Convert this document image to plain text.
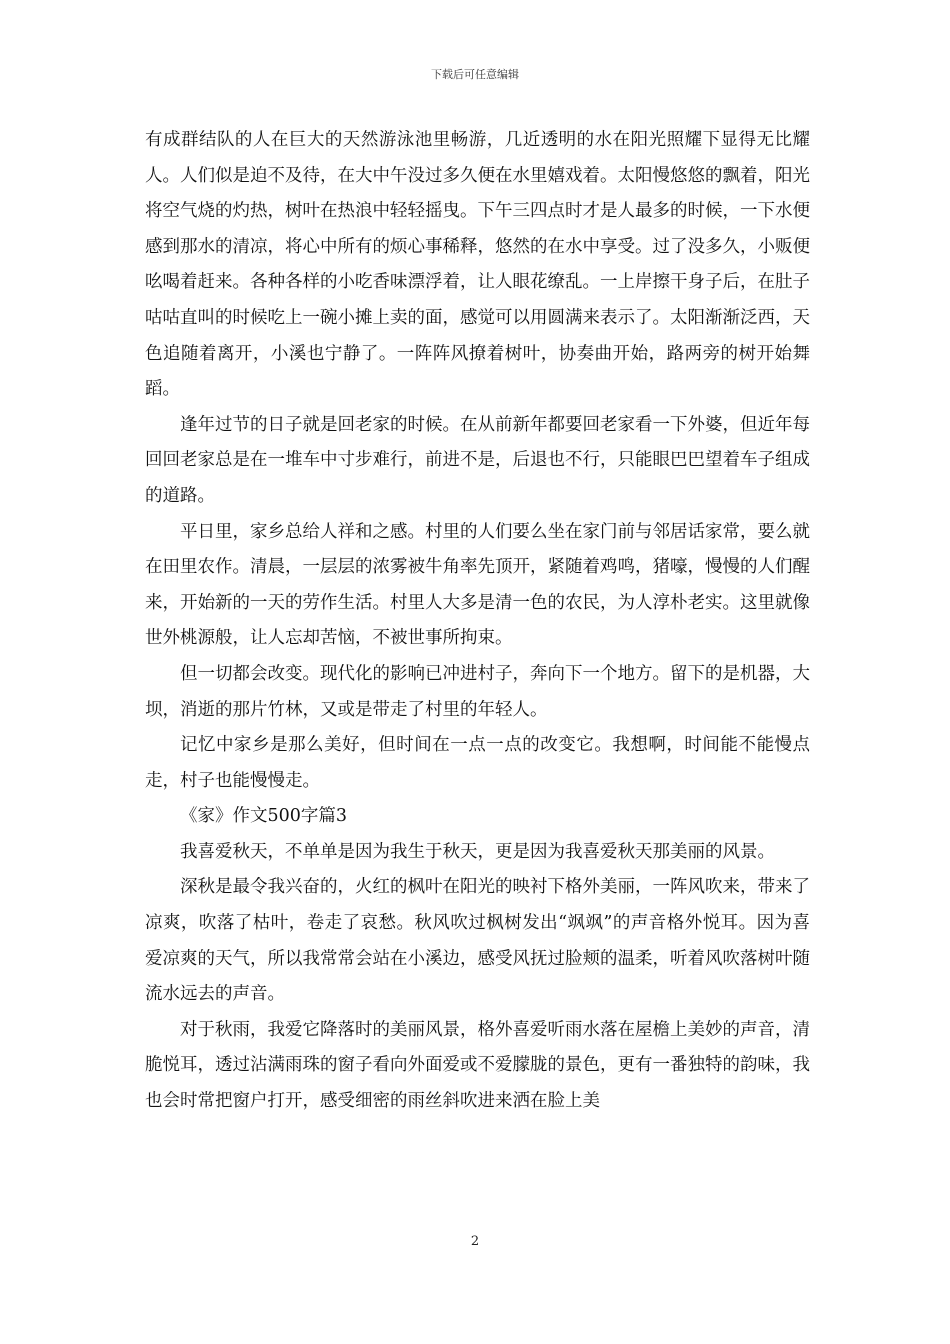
下载后可任意编辑

有成群结队的人在巨大的天然游泳池里畅游，几近透明的水在阳光照耀下显得无比耀人。人们似是迫不及待，在大中午没过多久便在水里嬉戏着。太阳慢悠悠的飘着，阳光将空气烧的灼热，树叶在热浪中轻轻摇曳。下午三四点时才是人最多的时候，一下水便感到那水的清凉，将心中所有的烦心事稀释，悠然的在水中享受。过了没多久，小贩便吆喝着赶来。各种各样的小吃香味漂浮着，让人眼花缭乱。一上岸擦干身子后，在肚子咕咕直叫的时候吃上一碗小摊上卖的面，感觉可以用圆满来表示了。太阳渐渐泛西，天色追随着离开，小溪也宁静了。一阵阵风撩着树叶，协奏曲开始，路两旁的树开始舞蹈。

逢年过节的日子就是回老家的时候。在从前新年都要回老家看一下外婆，但近年每回回老家总是在一堆车中寸步难行，前进不是，后退也不行，只能眼巴巴望着车子组成的道路。

平日里，家乡总给人祥和之感。村里的人们要么坐在家门前与邻居话家常，要么就在田里农作。清晨，一层层的浓雾被牛角率先顶开，紧随着鸡鸣，猪嚎，慢慢的人们醒来，开始新的一天的劳作生活。村里人大多是清一色的农民，为人淳朴老实。这里就像世外桃源般，让人忘却苦恼，不被世事所拘束。

但一切都会改变。现代化的影响已冲进村子，奔向下一个地方。留下的是机器，大坝，消逝的那片竹林，又或是带走了村里的年轻人。

记忆中家乡是那么美好，但时间在一点一点的改变它。我想啊，时间能不能慢点走，村子也能慢慢走。

《家》作文500字篇3

我喜爱秋天，不单单是因为我生于秋天，更是因为我喜爱秋天那美丽的风景。

深秋是最令我兴奋的，火红的枫叶在阳光的映衬下格外美丽，一阵风吹来，带来了凉爽，吹落了枯叶，卷走了哀愁。秋风吹过枫树发出“飒飒”的声音格外悦耳。因为喜爱凉爽的天气，所以我常常会站在小溪边，感受风抚过脸颊的温柔，听着风吹落树叶随流水远去的声音。

对于秋雨，我爱它降落时的美丽风景，格外喜爱听雨水落在屋檐上美妙的声音，清脆悦耳，透过沾满雨珠的窗子看向外面爱或不爱朦胧的景色，更有一番独特的韵味，我也会时常把窗户打开，感受细密的雨丝斜吹进来洒在脸上美

2
